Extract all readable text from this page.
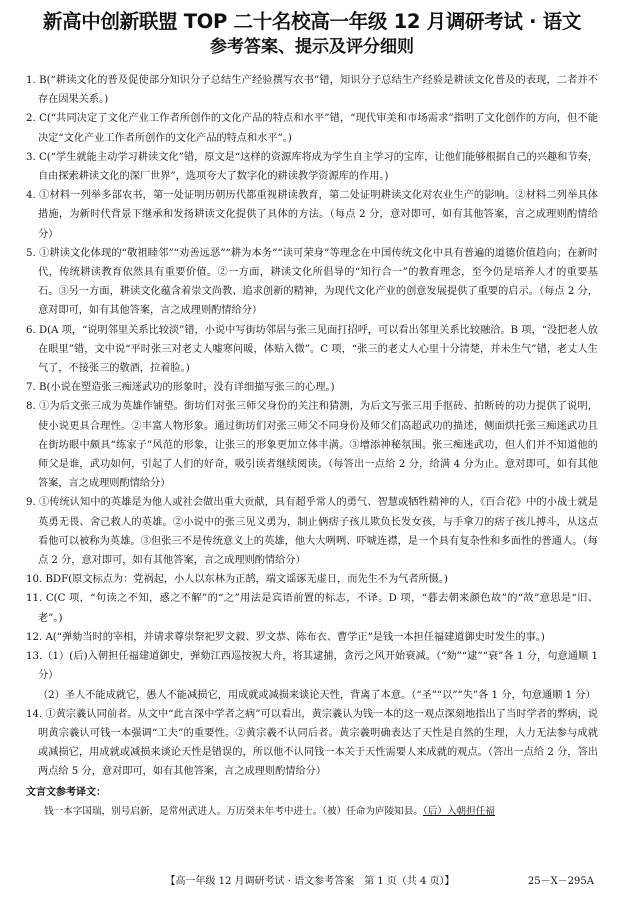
新高中创新联盟 TOP 二十名校高一年级 12 月调研考试 · 语文
参考答案、提示及评分细则

1. B(“耕读文化的普及促使部分知识分子总结生产经验撰写农书”错，知识分子总结生产经验是耕读文化普及的表现，二者并不存在因果关系。)

2. C(“共同决定了文化产业工作者所创作的文化产品的特点和水平”错，“现代审美和市场需求”指明了文化创作的方向，但不能决定“文化产业工作者所创作的文化产品的特点和水平”。)

3. C(“学生就能主动学习耕读文化”错，原文是“这样的资源库将成为学生自主学习的宝库，让他们能够根据自己的兴趣和节奏，自由探索耕读文化的深厂世界”，选项夸大了数字化的耕读教学资源库的作用。)

4. ①材料一列举多部农书，第一处证明历朝历代都重视耕读教育，第二处证明耕读文化对农业生产的影响。②材料二列举具体措施，为新时代背景下继承和发扬耕读文化提供了具体的方法。（每点 2 分，意对即可，如有其他答案，言之成理则酌情给分）

5. ①耕读文化体现的“敬祖睦邻”“劝善远恶”“耕为本务”“读可荣身”等理念在中国传统文化中具有普遍的道德价值趋向；在新时代，传统耕读教育依然具有重要价值。②一方面，耕读文化所倡导的“知行合一”的教育理念，至今仍是培养人才的重要基石。③另一方面，耕读文化蕴含着崇文尚教、追求创新的精神，为现代文化产业的创意发展提供了重要的启示。（每点 2 分，意对即可，如有其他答案，言之成理则酌情给分）

6. D(A 项，“说明邻里关系比较淡”错，小说中写街坊邻居与张三见面打招呼，可以看出邻里关系比较融洽。B 项，“没把老人放在眼里”错，文中说“平时张三对老丈人嘘寒问暖，体贴入微”。C 项，“张三的老丈人心里十分清楚，并未生气”错，老丈人生气了，不接张三的敬酒，拉着脸。)

7. B(小说在塑造张三痴迷武功的形象时，没有详细描写张三的心理。)

8. ①为后文张三成为英雄作铺垫。街坊们对张三师父身份的关注和猜测，为后文写张三用手抠砖、拍断砖的功力提供了说明，使小说更具合理性。②丰富人物形象。通过街坊们对张三师父不同身份及师父们高超武功的描述，侧面烘托张三痴迷武功且在街坊眼中颇具“练家子”风范的形象，让张三的形象更加立体丰满。③增添神秘氛围。张三痴迷武功，但人们并不知道他的师父是谁，武功如何，引起了人们的好奇，吸引读者继续阅读。（每答出一点给 2 分，给满 4 分为止。意对即可，如有其他答案，言之成理则酌情给分）

9. ①传统认知中的英雄是为他人或社会做出重大贡献，具有超乎常人的勇气、智慧或牺牲精神的人，《百合花》中的小战士就是英勇无畏、舍己救人的英雄。②小说中的张三见义勇为，制止俩痞子孩儿欺负长发女孩，与手拿刀的痞子孩儿搏斗，从这点看他可以被称为英雄。③但张三不是传统意义上的英雄，他大大咧咧、吓唬连襟，是一个具有复杂性和多面性的普通人。（每点 2 分，意对即可，如有其他答案，言之成理则酌情给分）

10. BDF(原文标点为：党祸起，小人以东林为正鹄，端文谣诼无虚日，而先生不为气者所慑。)

11. C(C 项，“句读之不知，惑之不解”的“之”用法是宾语前置的标志，不译。D 项，“暮去朝来颜色故”的“故”意思是“旧、老”。)

12. A(“弹劾当时的宰相，并请求尊崇祭祀罗文毅、罗文恭、陈布衣、曹学正”是钱一本担任福建道御史时发生的事。)

13.（1）(后)入朝担任福建道御史，弹劾江西巡按祝大舟，将其逮捕，贪污之风开始衰减。（“劾”“逮”“衰”各 1 分，句意通顺 1 分）

（2）圣人不能成就它，愚人不能减损它，用成就或减损来谈论天性，背离了本意。（“圣”“以”“失”各 1 分，句意通顺 1 分）

14. ①黄宗羲认同前者。从文中“此言深中学者之病”可以看出，黄宗羲认为钱一本的这一观点深刻地指出了当时学者的弊病，说明黄宗羲认可钱一本强调“工夫”的重要性。②黄宗羲不认同后者。黄宗羲明确表达了天性是自然的生理，人力无法参与成就或减损它，用成就或减损来谈论天性是错误的，所以他不认同钱一本关于天性需要人来成就的观点。（答出一点给 2 分，答出两点给 5 分，意对即可，如有其他答案，言之成理则酌情给分）

文言文参考译文：
钱一本字国瑞，别号启新，是常州武进人。万历癸未年考中进士。（被）任命为庐陵知县。（后）入朝担任福
【高一年级 12 月调研考试 · 语文参考答案　第 1 页（共 4 页）】	25－X－295A
